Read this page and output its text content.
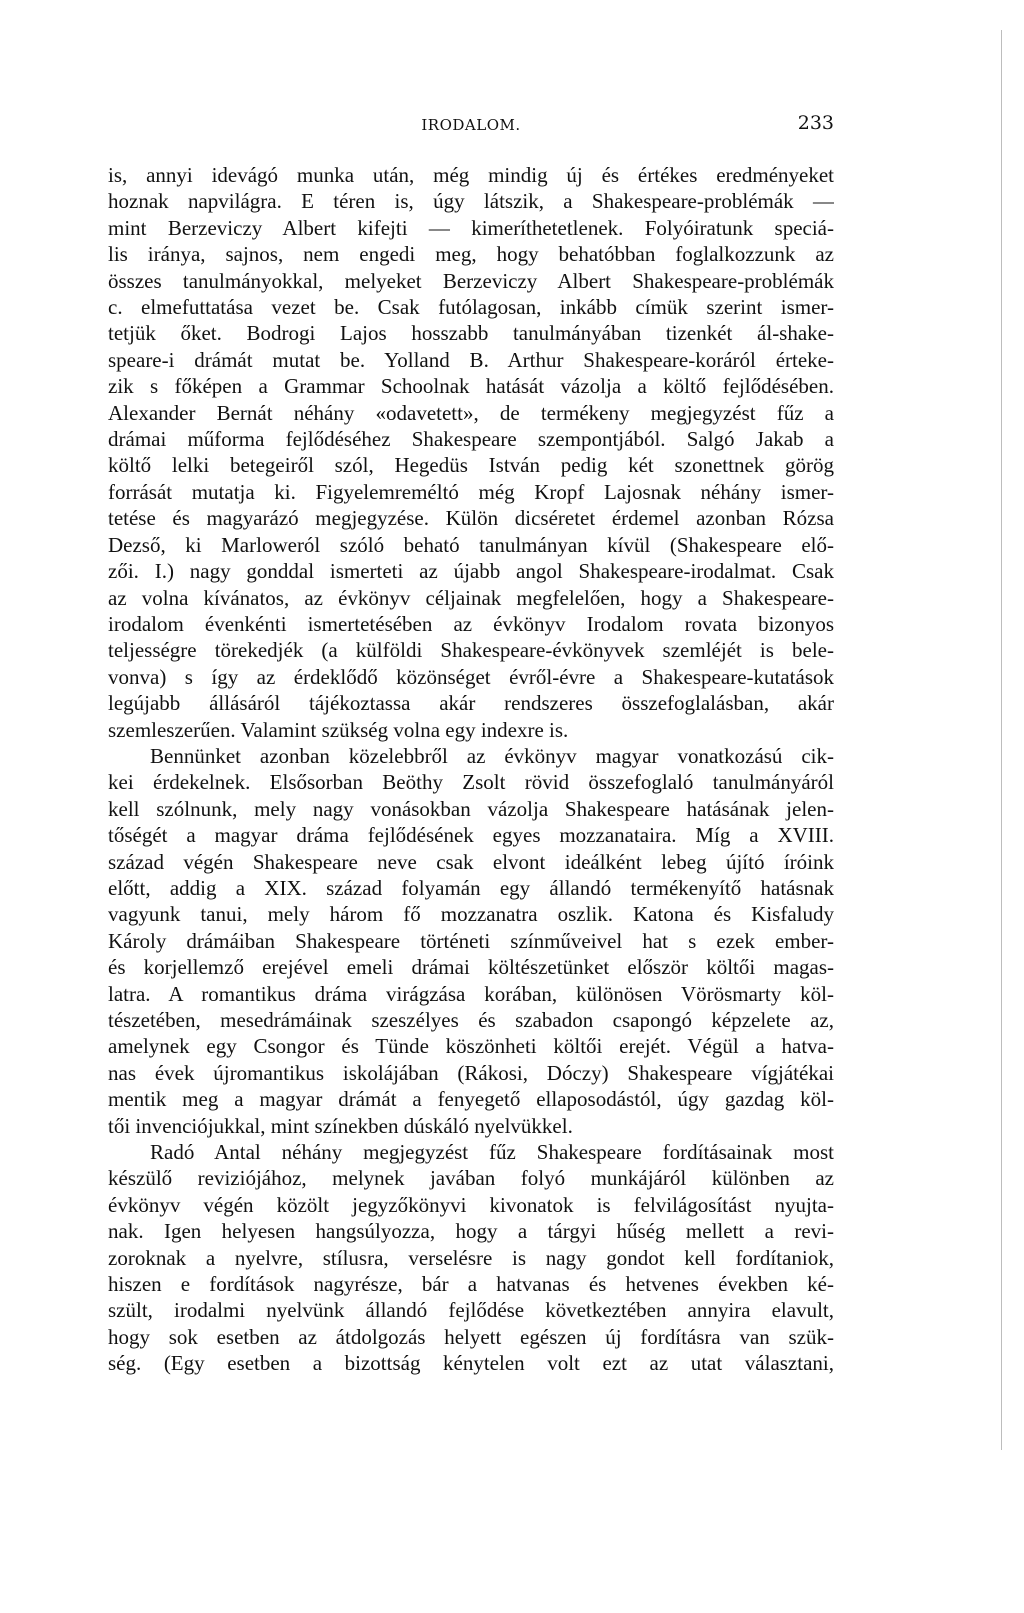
IRODALOM.	233
is, annyi idevágó munka után, még mindig új és értékes eredményeket
hoznak napvilágra. E téren is, úgy látszik, a Shakespeare-problémák —
mint Berzeviczy Albert kifejti — kimeríthetetlenek. Folyóiratunk speciá-
lis iránya, sajnos, nem engedi meg, hogy behatóbban foglalkozzunk az
összes tanulmányokkal, melyeket Berzeviczy Albert Shakespeare-problémák
c. elmefuttatása vezet be. Csak futólagosan, inkább címük szerint ismer-
tetjük őket. Bodrogi Lajos hosszabb tanulmányában tizenkét ál-shake-
speare-i drámát mutat be. Yolland B. Arthur Shakespeare-koráról érteke-
zik s főképen a Grammar Schoolnak hatását vázolja a költő fejlődésében.
Alexander Bernát néhány «odavetett», de termékeny megjegyzést fűz a
drámai műforma fejlődéséhez Shakespeare szempontjából. Salgó Jakab a
költő lelki betegeiről szól, Hegedüs István pedig két szonettnek görög
forrását mutatja ki. Figyelemreméltó még Kropf Lajosnak néhány ismer-
tetése és magyarázó megjegyzése. Külön dicséretet érdemel azonban Rózsa
Dezső, ki Marloweról szóló beható tanulmányan kívül (Shakespeare elő-
zői. I.) nagy gonddal ismerteti az újabb angol Shakespeare-irodalmat. Csak
az volna kívánatos, az évkönyv céljainak megfelelően, hogy a Shakespeare-
irodalom évenkénti ismertetésében az évkönyv Irodalom rovata bizonyos
teljességre törekedjék (a külföldi Shakespeare-évkönyvek szemléjét is bele-
vonva) s így az érdeklődő közönséget évről-évre a Shakespeare-kutatások
legújabb állásáról tájékoztassa akár rendszeres összefoglalásban, akár
szemleszerűen. Valamint szükség volna egy indexre is.
Bennünket azonban közelebbről az évkönyv magyar vonatkozású cik-
kei érdekelnek. Elsősorban Beöthy Zsolt rövid összefoglaló tanulmányáról
kell szólnunk, mely nagy vonásokban vázolja Shakespeare hatásának jelen-
tőségét a magyar dráma fejlődésének egyes mozzanataira. Míg a XVIII.
század végén Shakespeare neve csak elvont ideálként lebeg újító íróink
előtt, addig a XIX. század folyamán egy állandó termékenyítő hatásnak
vagyunk tanui, mely három fő mozzanatra oszlik. Katona és Kisfaludy
Károly drámáiban Shakespeare történeti színműveivel hat s ezek ember-
és korjellemző erejével emeli drámai költészetünket először költői magas-
latra. A romantikus dráma virágzása korában, különösen Vörösmarty köl-
tészetében, mesedrámáinak szeszélyes és szabadon csapongó képzelete az,
amelynek egy Csongor és Tünde köszönheti költői erejét. Végül a hatva-
nas évek újromantikus iskolájában (Rákosi, Dóczy) Shakespeare vígjátékai
mentik meg a magyar drámát a fenyegető ellaposodástól, úgy gazdag köl-
tői invenciójukkal, mint színekben dúskáló nyelvükkel.
Radó Antal néhány megjegyzést fűz Shakespeare fordításainak most
készülő reviziójához, melynek javában folyó munkájáról különben az
évkönyv végén közölt jegyzőkönyvi kivonatok is felvilágosítást nyujta-
nak. Igen helyesen hangsúlyozza, hogy a tárgyi hűség mellett a revi-
zoroknak a nyelvre, stílusra, verselésre is nagy gondot kell fordítaniok,
hiszen e fordítások nagyrésze, bár a hatvanas és hetvenes években ké-
szült, irodalmi nyelvünk állandó fejlődése következtében annyira elavult,
hogy sok esetben az átdolgozás helyett egészen új fordításra van szük-
ség. (Egy esetben a bizottság kénytelen volt ezt az utat választani,
